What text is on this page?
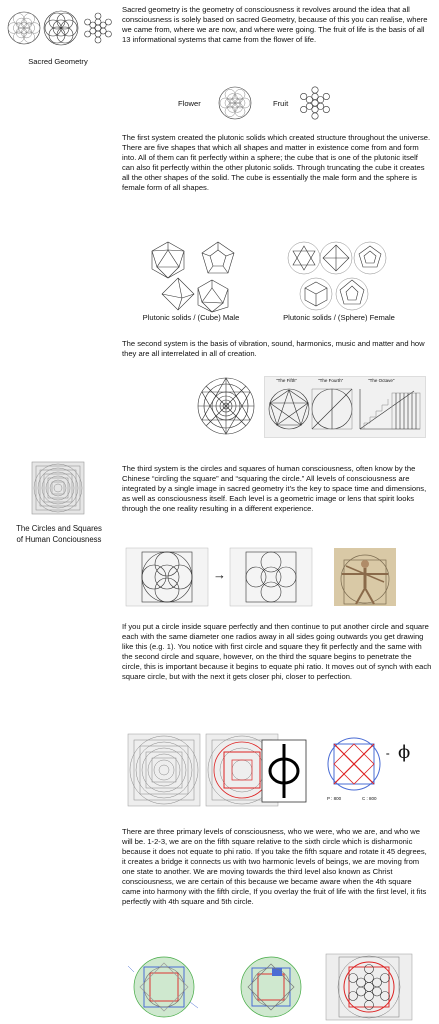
Sacred Geometry

Sacred geometry is the geometry of consciousness it revolves around the idea that all consciousness is solely based on sacred Geometry, because of this you can realise, where we came from, where we are now, and where were going. The fruit of life is the basis of all 13 informational systems that came from the flower of life.

Flower	Fruit

The first system created the plutonic solids which created structure throughout the universe. There are five shapes that which all shapes and matter in existence come from and form into. All of them can fit perfectly within a sphere; the cube that is one of the plutonic itself can also fit perfectly within the other plutonic solids. Through truncating the cube it creates all the other shapes of the solid. The cube is essentially the male form and the sphere is female form of all shapes.

Plutonic solids / (Cube) Male	Plutonic solids / (Sphere) Female

The second system is the basis of vibration, sound, harmonics, music and matter and how they are all interrelated in all of creation.

"The Fifth"	"The Fourth"	"The Octave"
The Circles and Squares
of Human Conciousness

The third system is the circles and squares of human consciousness, often know by the Chinese “circling the square” and “squaring the circle.” All levels of consciousness are integrated by a single image in sacred geometry it’s the key to space time and dimensions, as well as consciousness itself. Each level is a geometric image or lens that spirit looks through the one reality resulting in a different experience.

→

If you put a circle inside square perfectly and then continue to put another circle and square each with the same diameter one radios away in all sides going outwards you get drawing like this (e.g. 1). You notice with first circle and square they fit perfectly and the same with the second circle and square, however, on the third the square begins to penetrate the circle, this is important because it begins to equate phi ratio. It moves out of synch with each square circle, but with the next it gets closer phi, closer to perfection.

= ϕ
P : 800	C : 800

There are three primary levels of consciousness, who we were, who we are, and who we will be. 1-2-3, we are on the fifth square relative to the sixth circle which is disharmonic because it does not equate to phi ratio. If you take the fifth square and rotate it 45 degrees, it creates a bridge it connects us with two harmonic levels of beings, we are moving from one state to another. We are moving towards the third level also known as Christ consciousness, we are certain of this because we became aware when the 4th square came into harmony with the fifth circle, If you overlay the fruit of life with the first level, it fits perfectly with 4th square and 5th circle.
